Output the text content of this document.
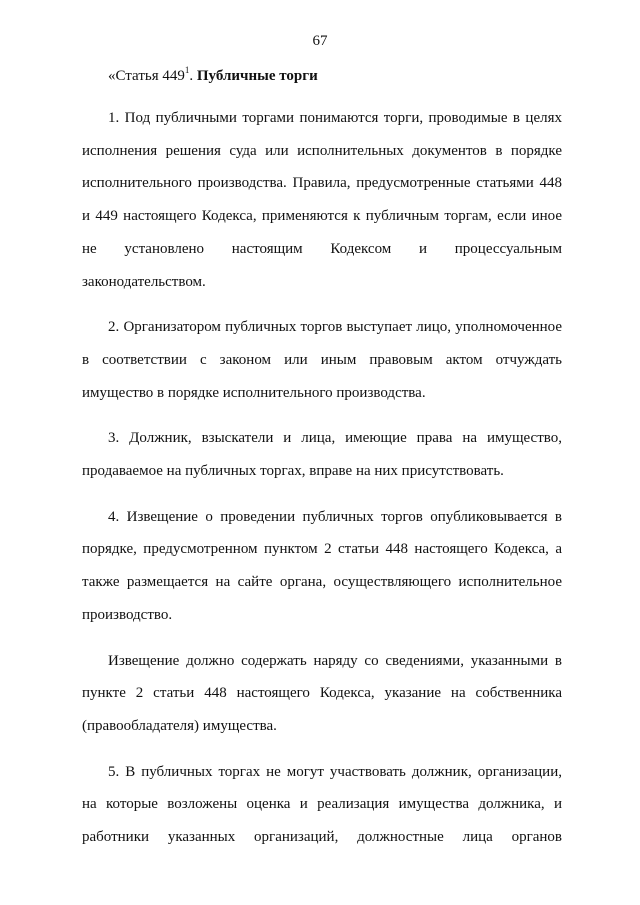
67
«Статья $449^1$. Публичные торги

1. Под публичными торгами понимаются торги, проводимые в целях исполнения решения суда или исполнительных документов в порядке исполнительного производства. Правила, предусмотренные статьями 448 и 449 настоящего Кодекса, применяются к публичным торгам, если иное не установлено настоящим Кодексом и процессуальным законодательством.

2. Организатором публичных торгов выступает лицо, уполномоченное в соответствии с законом или иным правовым актом отчуждать имущество в порядке исполнительного производства.

3. Должник, взыскатели и лица, имеющие права на имущество, продаваемое на публичных торгах, вправе на них присутствовать.

4. Извещение о проведении публичных торгов опубликовывается в порядке, предусмотренном пунктом 2 статьи 448 настоящего Кодекса, а также размещается на сайте органа, осуществляющего исполнительное производство.

Извещение должно содержать наряду со сведениями, указанными в пункте 2 статьи 448 настоящего Кодекса, указание на собственника (правообладателя) имущества.

5. В публичных торгах не могут участвовать должник, организации, на которые возложены оценка и реализация имущества должника, и работники указанных организаций, должностные лица органов
